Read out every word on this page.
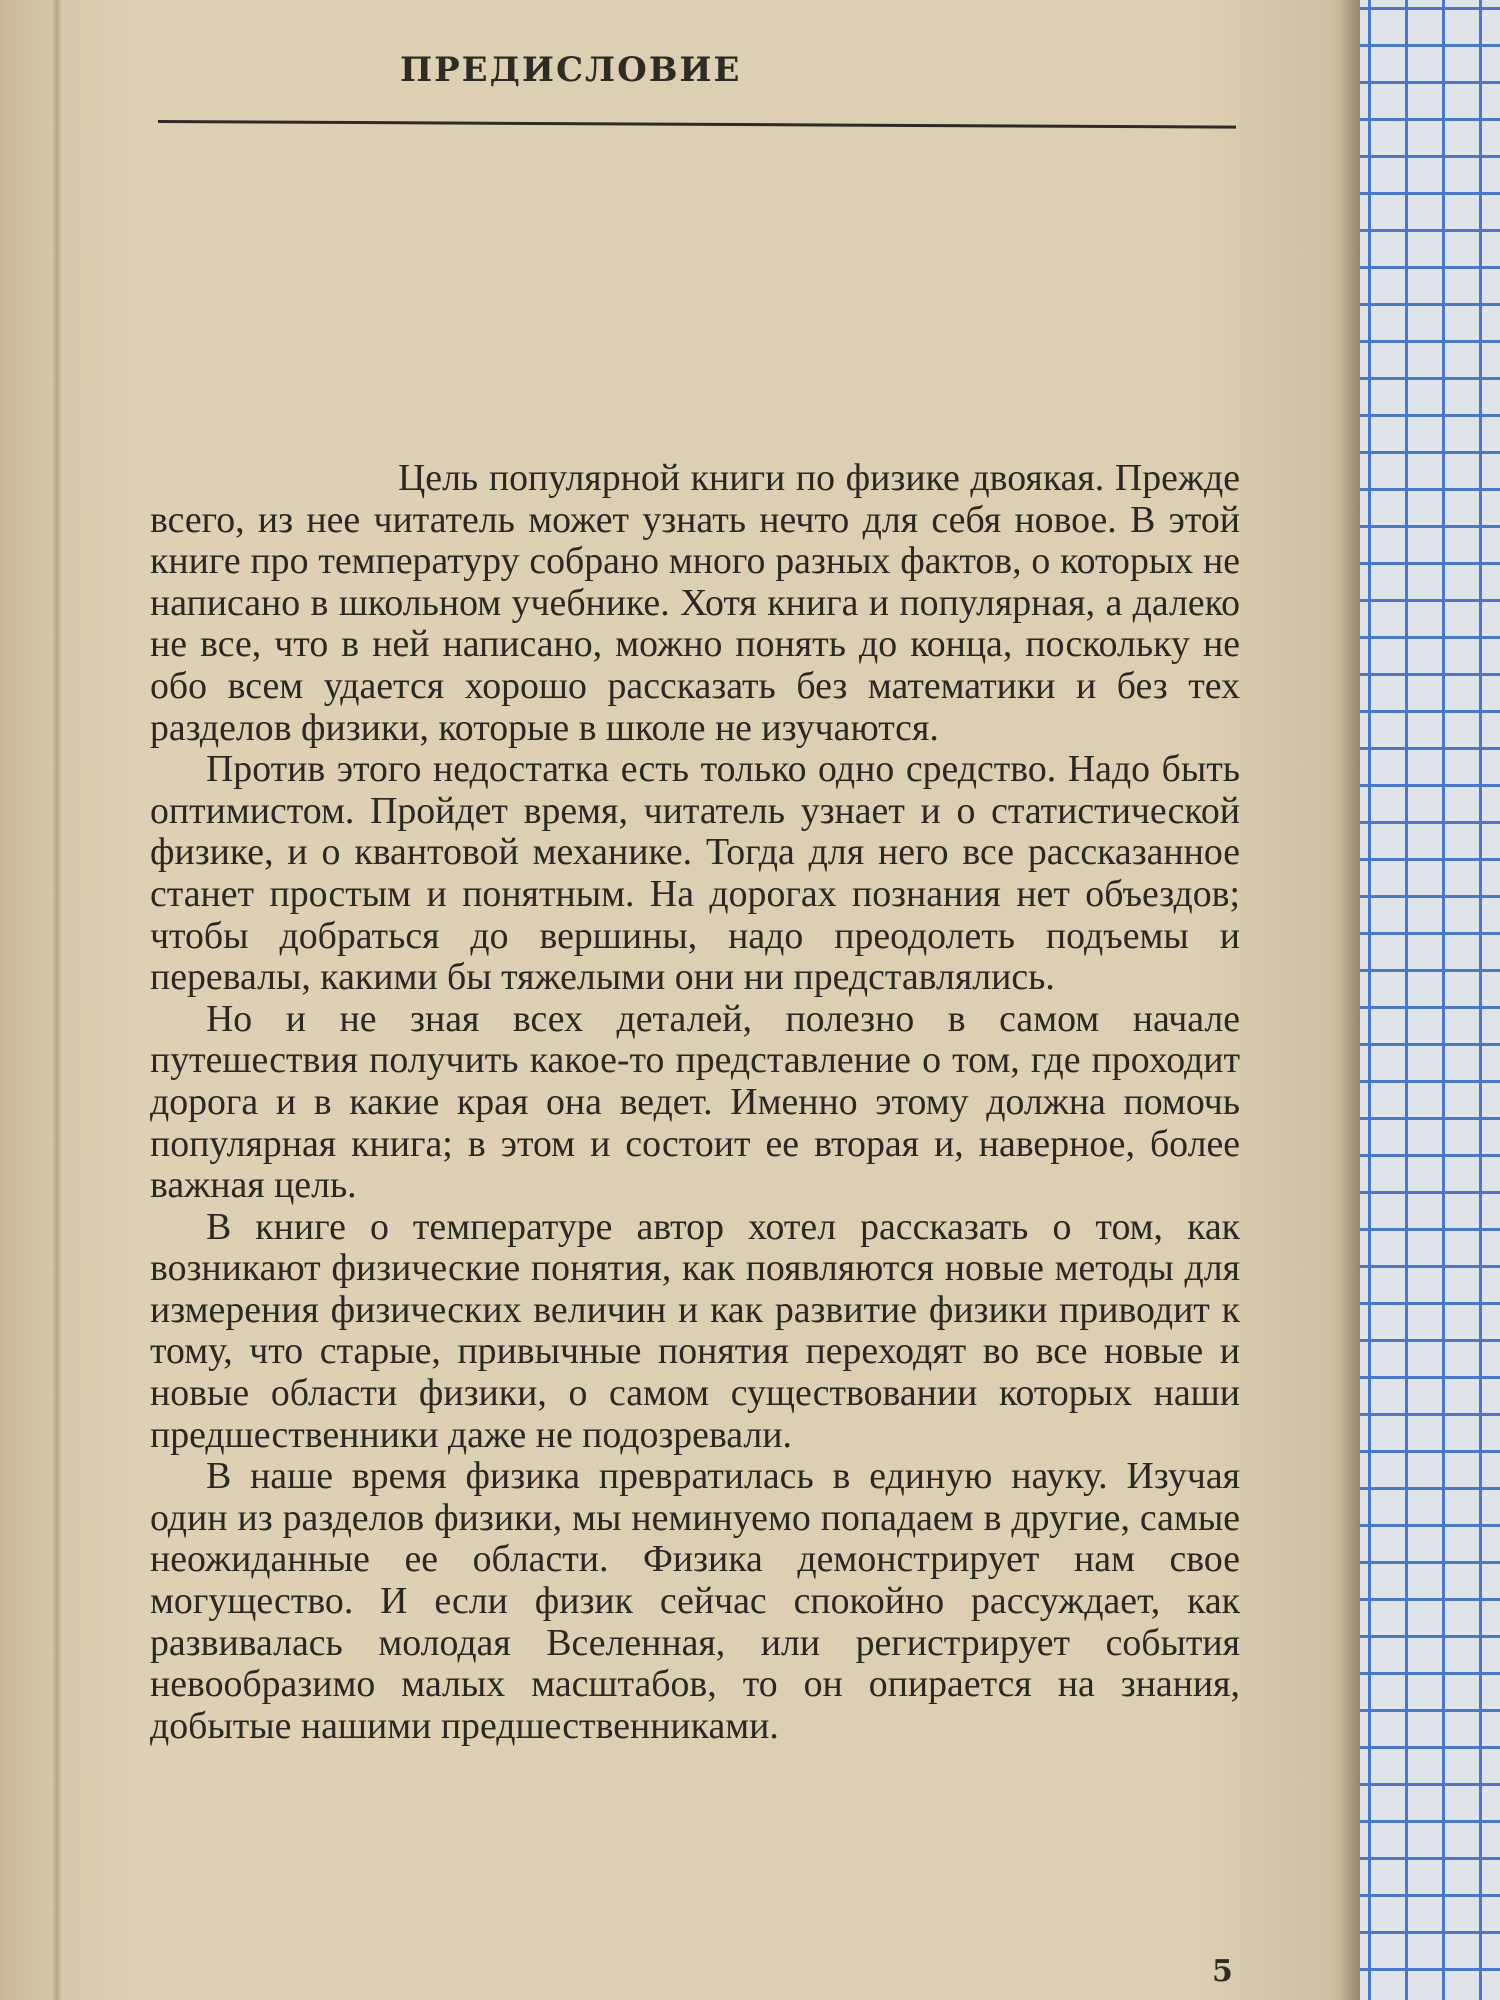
ПРЕДИСЛОВИЕ

Цель популярной книги по физике двоякая. Прежде всего, из нее читатель может узнать нечто для себя новое. В этой книге про температуру собрано много разных фактов, о которых не написано в школьном учебнике. Хотя книга и популярная, а далеко не все, что в ней написано, можно понять до конца, поскольку не обо всем удается хорошо рассказать без математики и без тех разделов физики, которые в школе не изучаются.

Против этого недостатка есть только одно средство. Надо быть оптимистом. Пройдет время, читатель узнает и о статистической физике, и о квантовой механике. Тогда для него все рассказанное станет простым и понятным. На дорогах познания нет объездов; чтобы добраться до вершины, надо преодолеть подъемы и перевалы, какими бы тяжелыми они ни представлялись.

Но и не зная всех деталей, полезно в самом начале путешествия получить какое-то представление о том, где проходит дорога и в какие края она ведет. Именно этому должна помочь популярная книга; в этом и состоит ее вторая и, наверное, более важная цель.

В книге о температуре автор хотел рассказать о том, как возникают физические понятия, как появляются новые методы для измерения физических величин и как развитие физики приводит к тому, что старые, привычные понятия переходят во все новые и новые области физики, о самом существовании которых наши предшественники даже не подозревали.

В наше время физика превратилась в единую науку. Изучая один из разделов физики, мы неминуемо попадаем в другие, самые неожиданные ее области. Физика демонстрирует нам свое могущество. И если физик сейчас спокойно рассуждает, как развивалась молодая Вселенная, или регистрирует события невообразимо малых масштабов, то он опирается на знания, добытые нашими предшественниками.

5
